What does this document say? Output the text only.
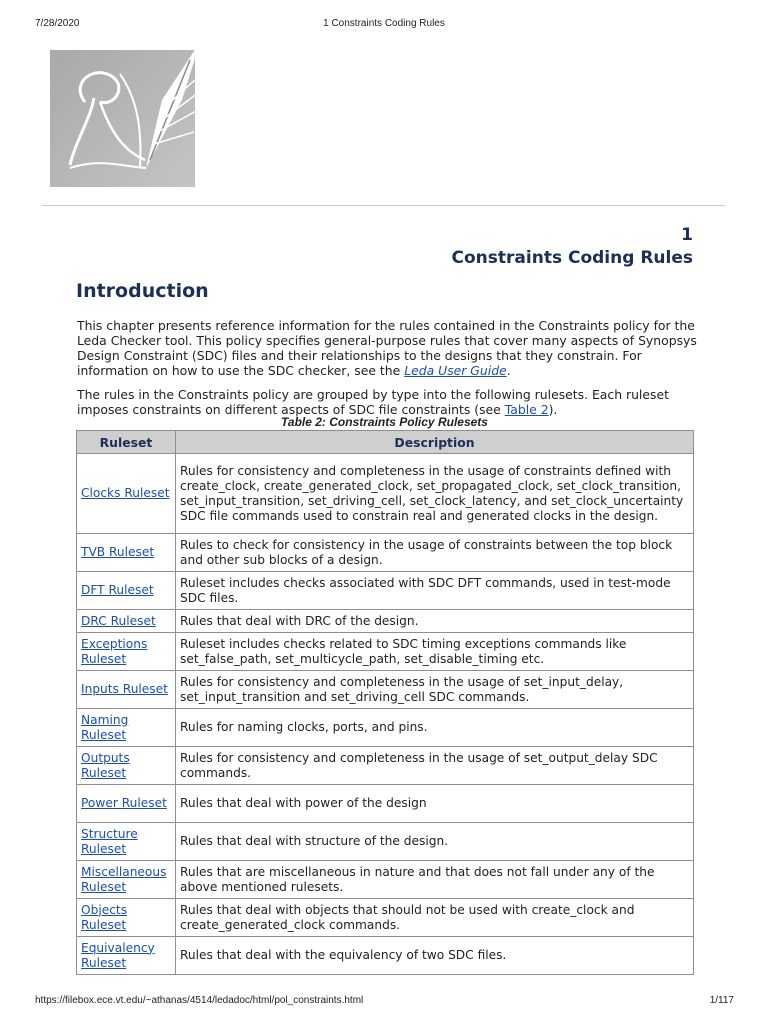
7/28/2020	1 Constraints Coding Rules
1
Constraints Coding Rules
Introduction

This chapter presents reference information for the rules contained in the Constraints policy for the Leda Checker tool. This policy specifies general-purpose rules that cover many aspects of Synopsys Design Constraint (SDC) files and their relationships to the designs that they constrain. For information on how to use the SDC checker, see the Leda User Guide.

The rules in the Constraints policy are grouped by type into the following rulesets. Each ruleset imposes constraints on different aspects of SDC file constraints (see Table 2).

Table 2: Constraints Policy Rulesets
Ruleset	Description
Clocks Ruleset	Rules for consistency and completeness in the usage of constraints defined with create_clock, create_generated_clock, set_propagated_clock, set_clock_transition, set_input_transition, set_driving_cell, set_clock_latency, and set_clock_uncertainty SDC file commands used to constrain real and generated clocks in the design.
TVB Ruleset	Rules to check for consistency in the usage of constraints between the top block and other sub blocks of a design.
DFT Ruleset	Ruleset includes checks associated with SDC DFT commands, used in test-mode SDC files.
DRC Ruleset	Rules that deal with DRC of the design.
Exceptions Ruleset	Ruleset includes checks related to SDC timing exceptions commands like set_false_path, set_multicycle_path, set_disable_timing etc.
Inputs Ruleset	Rules for consistency and completeness in the usage of set_input_delay, set_input_transition and set_driving_cell SDC commands.
Naming Ruleset	Rules for naming clocks, ports, and pins.
Outputs Ruleset	Rules for consistency and completeness in the usage of set_output_delay SDC commands.
Power Ruleset	Rules that deal with power of the design
Structure Ruleset	Rules that deal with structure of the design.
Miscellaneous Ruleset	Rules that are miscellaneous in nature and that does not fall under any of the above mentioned rulesets.
Objects Ruleset	Rules that deal with objects that should not be used with create_clock and create_generated_clock commands.
Equivalency Ruleset	Rules that deal with the equivalency of two SDC files.
https://filebox.ece.vt.edu/~athanas/4514/ledadoc/html/pol_constraints.html	1/117
